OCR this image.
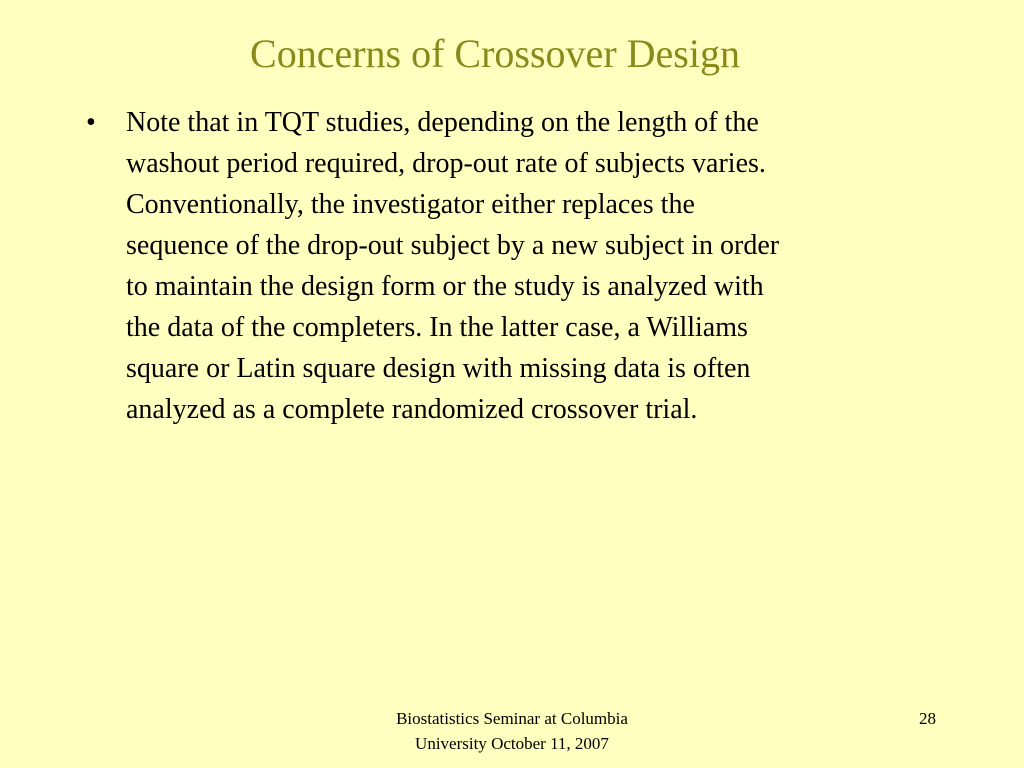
Concerns of Crossover Design
•	Note that in TQT studies, depending on the length of the
washout period required, drop-out rate of subjects varies.
Conventionally, the investigator either replaces the
sequence of the drop-out subject by a new subject in order
to maintain the design form or the study is analyzed with
the data of the completers. In the latter case, a Williams
square or Latin square design with missing data is often
analyzed as a complete randomized crossover trial.
Biostatistics Seminar at Columbia
University October 11, 2007
28
